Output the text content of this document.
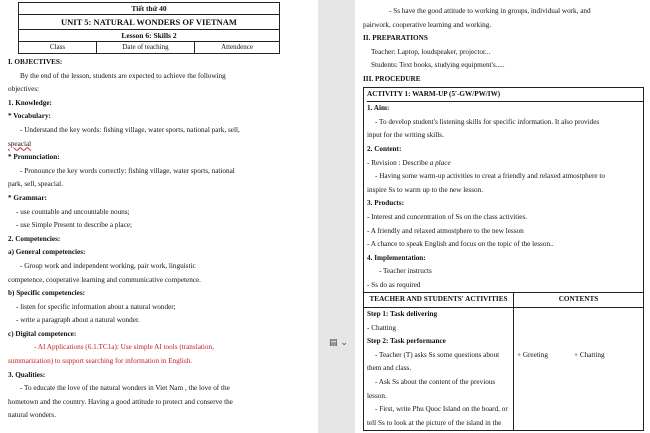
Tiết thứ 40
UNIT 5: NATURAL WONDERS OF VIETNAM
Lesson 6: Skills 2
Class	Date of teaching	Attendence
I. OBJECTIVES:
By the end of the lesson, students are expected to achieve the following
objectives:
1. Knowledge:
* Vocabulary:
- Understand the key words: fishing village, water sports, national park, sell,
speacial
* Pronunciation:
- Pronounce the key words correctly: fishing village, water sports, national
park, sell, speacial.
* Grammar:
- use countable and uncountable nouns;
- use Simple Present to describe a place;
2. Competencies:
a) General competencies:
- Group work and independent working, pair work, linguistic
competence, cooperative learning and communicative competence.
b) Specific competencies:
- listen for specific information about a natural wonder;
- write a paragraph about a natural wonder.
c) Digital competence:
- AI Applications (6.1.TC1a): Use simple AI tools (translation,
summarization) to support searching for information in English.
3. Qualities:
- To educate the love of the natural wonders in Viet Nam , the love of the
hometown and the country. Having a good attitude to protect and conserve the
natural wonders.
▤ ⌄
- Ss have the good attitude to working in groups, individual work, and
pairwork, cooperative learning and working.
II. PREPARATIONS
Teacher: Laptop, loudspeaker, projector...
Students: Text books, studying equipment's.....
III. PROCEDURE
ACTIVITY 1: WARM-UP (5'-GW/PW/IW)
1. Aim:
- To develop student's listening skills for specific information. It also provides
input for the writing skills.
2. Content:
- Revision : Describe a place
- Having some warm-up activities to creat a friendly and relaxed atmostphere to
inspire Ss to warm up to the new lesson.
3. Products:
- Interest and concentration of Ss on the class activities.
- A friendly and relaxed atmostphere to the new lesson
- A chance to speak English and focus on the topic of the lesson..
4. Implementation:
- Teacher instructs
- Ss do as required
TEACHER AND STUDENTS' ACTIVITIES	CONTENTS
Step 1: Task delivering
- Chatting
Step 2: Task performance
- Teacher (T) asks Ss some questions about
them and class.
- Ask Ss about the content of the previous
lesson.
- First, write Phu Quoc Island on the board, or
tell Ss to look at the picture of the island in the

+ Greeting	+ Chatting
